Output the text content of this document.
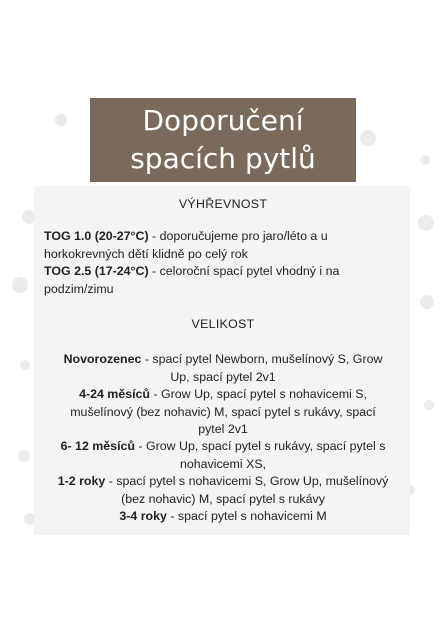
Doporučení
spacích pytlů

VÝHŘEVNOST

TOG 1.0 (20-27°C) - doporučujeme pro jaro/léto a u
horkokrevných dětí klidně po celý rok

TOG 2.5 (17-24°C) - celoroční spací pytel vhodný i na
podzim/zimu

VELIKOST

Novorozenec - spací pytel Newborn, mušelínový S, Grow
Up, spací pytel 2v1

4-24 měsíců - Grow Up, spací pytel s nohavicemi S,
mušelínový (bez nohavic) M, spací pytel s rukávy, spací
pytel 2v1

6- 12 měsíců - Grow Up, spací pytel s rukávy, spací pytel s
nohavicemi XS,

1-2 roky - spací pytel s nohavicemi S, Grow Up, mušelínový
(bez nohavic) M, spací pytel s rukávy

3-4 roky - spací pytel s nohavicemi M
